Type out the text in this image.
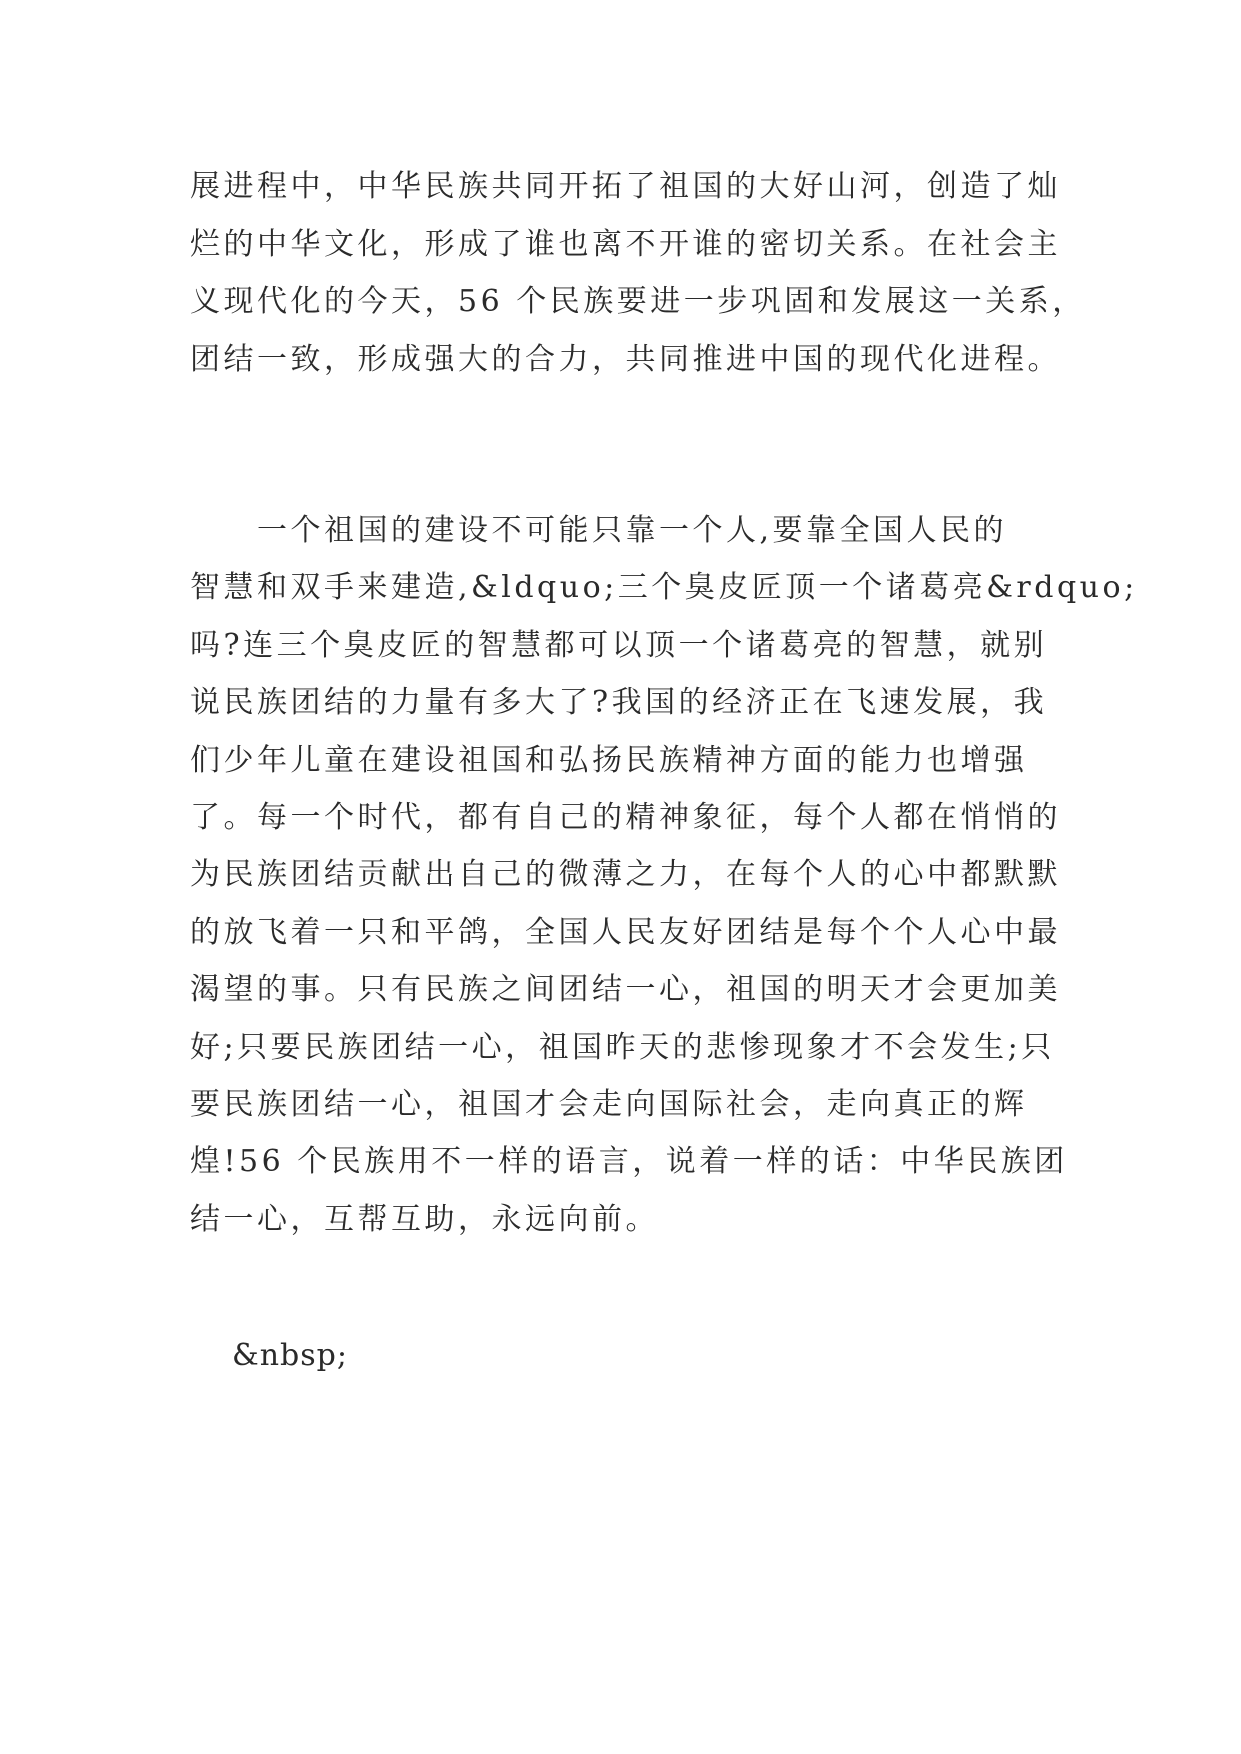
展进程中，中华民族共同开拓了祖国的大好山河，创造了灿
烂的中华文化，形成了谁也离不开谁的密切关系。在社会主
义现代化的今天，56 个民族要进一步巩固和发展这一关系，
团结一致，形成强大的合力，共同推进中国的现代化进程。
　　一个祖国的建设不可能只靠一个人,要靠全国人民的
智慧和双手来建造,&ldquo;三个臭皮匠顶一个诸葛亮&rdquo;
吗?连三个臭皮匠的智慧都可以顶一个诸葛亮的智慧，就别
说民族团结的力量有多大了?我国的经济正在飞速发展，我
们少年儿童在建设祖国和弘扬民族精神方面的能力也增强
了。每一个时代，都有自己的精神象征，每个人都在悄悄的
为民族团结贡献出自己的微薄之力，在每个人的心中都默默
的放飞着一只和平鸽，全国人民友好团结是每个个人心中最
渴望的事。只有民族之间团结一心，祖国的明天才会更加美
好;只要民族团结一心，祖国昨天的悲惨现象才不会发生;只
要民族团结一心，祖国才会走向国际社会，走向真正的辉
煌!56 个民族用不一样的语言，说着一样的话：中华民族团
结一心，互帮互助，永远向前。

&nbsp;
